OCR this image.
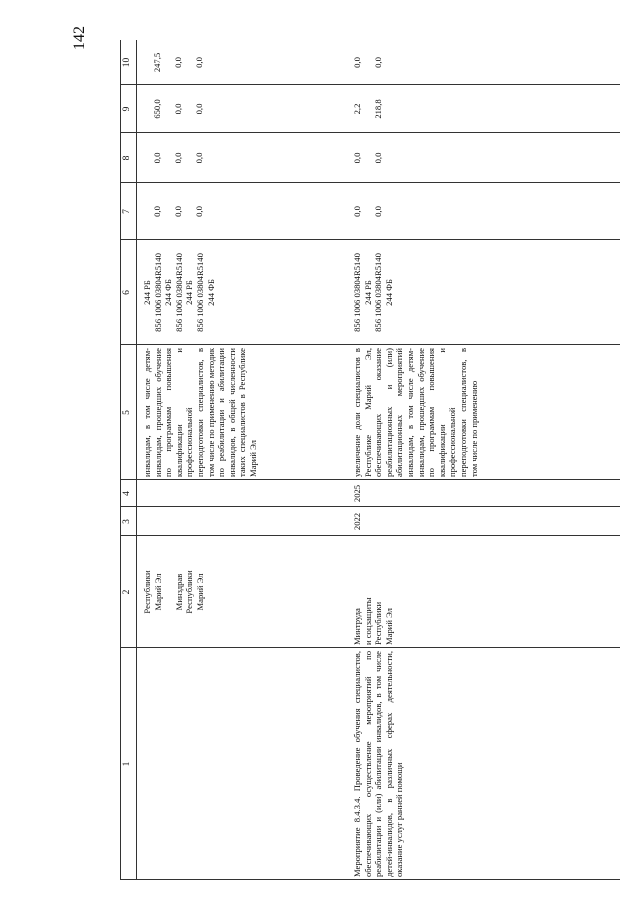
142
1
2
3
4
5
6
7
8
9
10
Республики
Марий Эл

Минздрав
Республики
Марий Эл
инвалидам, в том числе детям-инвалидам, прошедших обучение по программам повышения квалификации и профессиональной переподготовки специалистов, в том числе по применению методик по реабилитации и абилитации инвалидов, в общей численности таких специалистов в Республике Марий Эл
244 РБ
856 1006 03804R5140
244 ФБ
856 1006 03804R5140
244 РБ
856 1006 03804R5140
244 ФБ
0,0

0,0

0,0
0,0

0,0

0,0
650,0

0,0

0,0
247,5

0,0

0,0
Мероприятие 8.4.3.4. Проведение обучения специалистов, обеспечивающих осуществление мероприятий по реабилитации и (или) абилитации инвалидов, в том числе детей-инвалидов, в различных сферах деятельности, оказание услуг ранней помощи
Минтруда
и соцзащиты
Республики
Марий Эл
2022
2025
увеличение доли специалистов в Республике Марий Эл, обеспечивающих оказание реабилитационных и (или) абилитационных мероприятий инвалидам, в том числе детям-инвалидам, прошедших обучение по программам повышения квалификации и профессиональной переподготовки специалистов, в том числе по применению
856 1006 03804R5140
244 РБ
856 1006 03804R5140
244 ФБ
0,0

0,0
0,0

0,0
2,2

218,8
0,0

0,0
